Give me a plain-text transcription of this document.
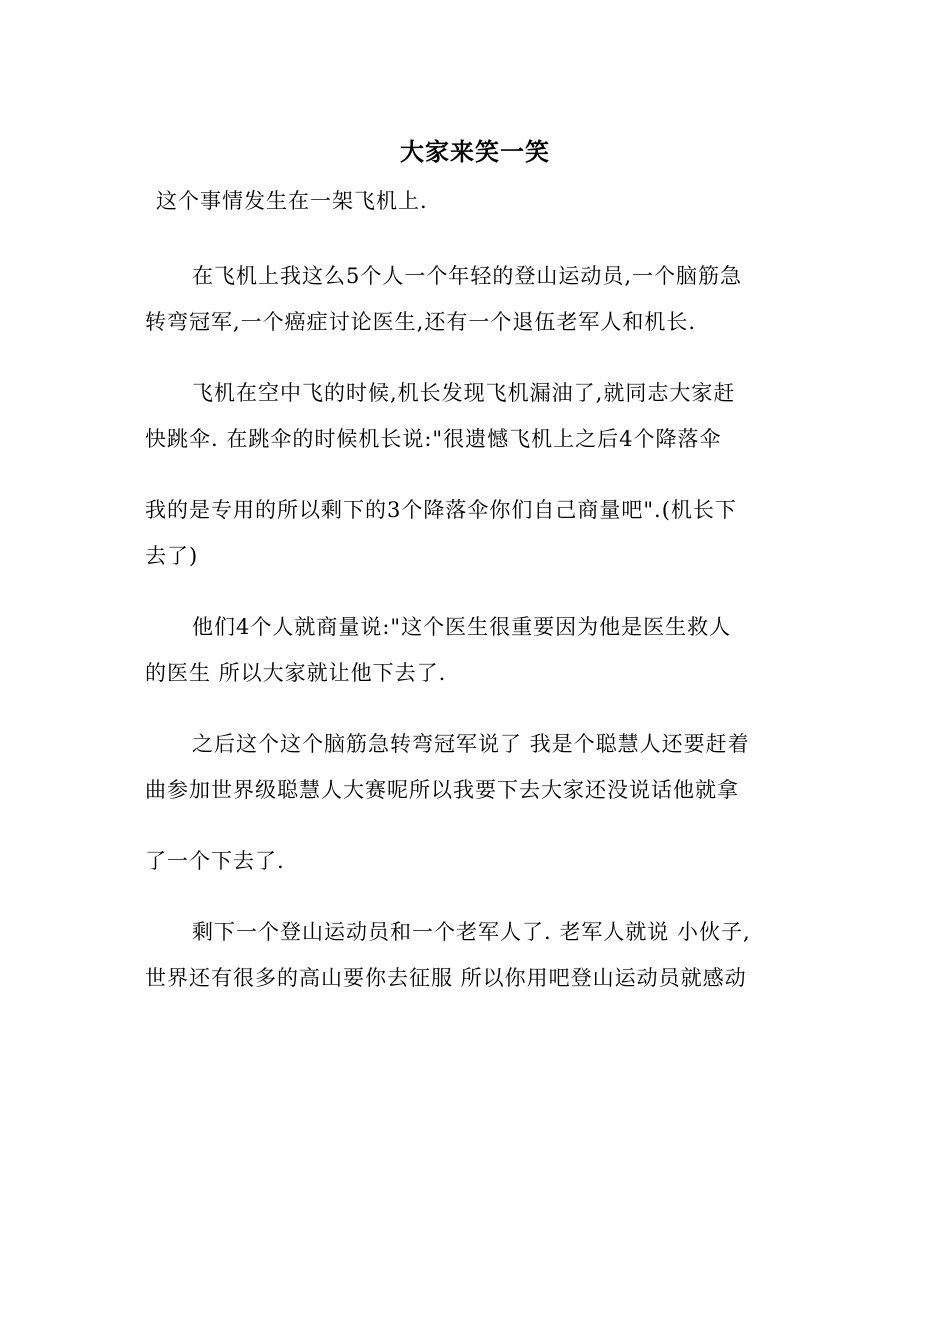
大家来笑一笑
这个事情发生在一架飞机上.
在飞机上我这么5个人一个年轻的登山运动员,一个脑筋急
转弯冠军,一个癌症讨论医生,还有一个退伍老军人和机长.
飞机在空中飞的时候,机长发现飞机漏油了,就同志大家赶
快跳伞. 在跳伞的时候机长说:"很遗憾飞机上之后4个降落伞
我的是专用的所以剩下的3个降落伞你们自己商量吧".(机长下
去了)
他们4个人就商量说:"这个医生很重要因为他是医生救人
的医生 所以大家就让他下去了.
之后这个这个脑筋急转弯冠军说了 我是个聪慧人还要赶着
曲参加世界级聪慧人大赛呢所以我要下去大家还没说话他就拿
了一个下去了.
剩下一个登山运动员和一个老军人了. 老军人就说 小伙子,
世界还有很多的高山要你去征服 所以你用吧登山运动员就感动
